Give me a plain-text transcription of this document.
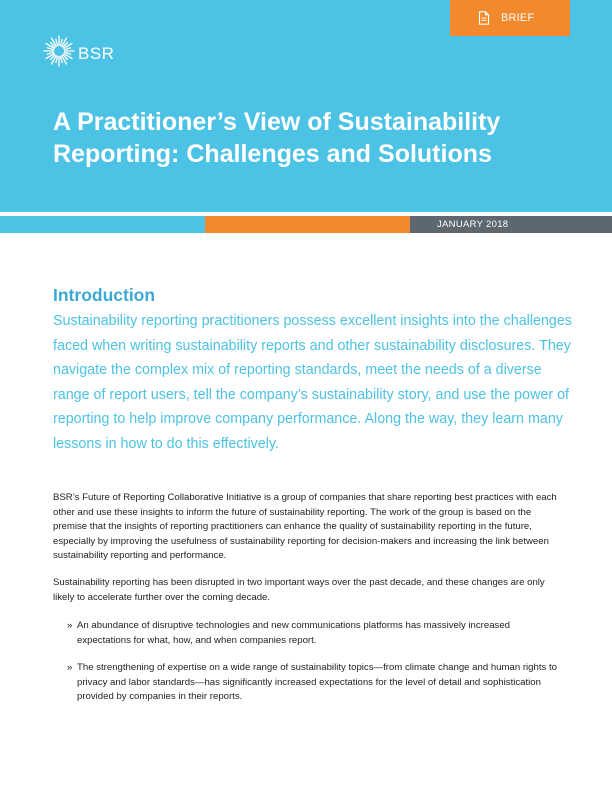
BRIEF
BSR
A Practitioner’s View of Sustainability Reporting: Challenges and Solutions
JANUARY 2018
Introduction
Sustainability reporting practitioners possess excellent insights into the challenges faced when writing sustainability reports and other sustainability disclosures. They navigate the complex mix of reporting standards, meet the needs of a diverse range of report users, tell the company’s sustainability story, and use the power of reporting to help improve company performance. Along the way, they learn many lessons in how to do this effectively.
BSR’s Future of Reporting Collaborative Initiative is a group of companies that share reporting best practices with each other and use these insights to inform the future of sustainability reporting. The work of the group is based on the premise that the insights of reporting practitioners can enhance the quality of sustainability reporting in the future, especially by improving the usefulness of sustainability reporting for decision-makers and increasing the link between sustainability reporting and performance.
Sustainability reporting has been disrupted in two important ways over the past decade, and these changes are only likely to accelerate further over the coming decade.
» An abundance of disruptive technologies and new communications platforms has massively increased expectations for what, how, and when companies report.
» The strengthening of expertise on a wide range of sustainability topics—from climate change and human rights to privacy and labor standards—has significantly increased expectations for the level of detail and sophistication provided by companies in their reports.
